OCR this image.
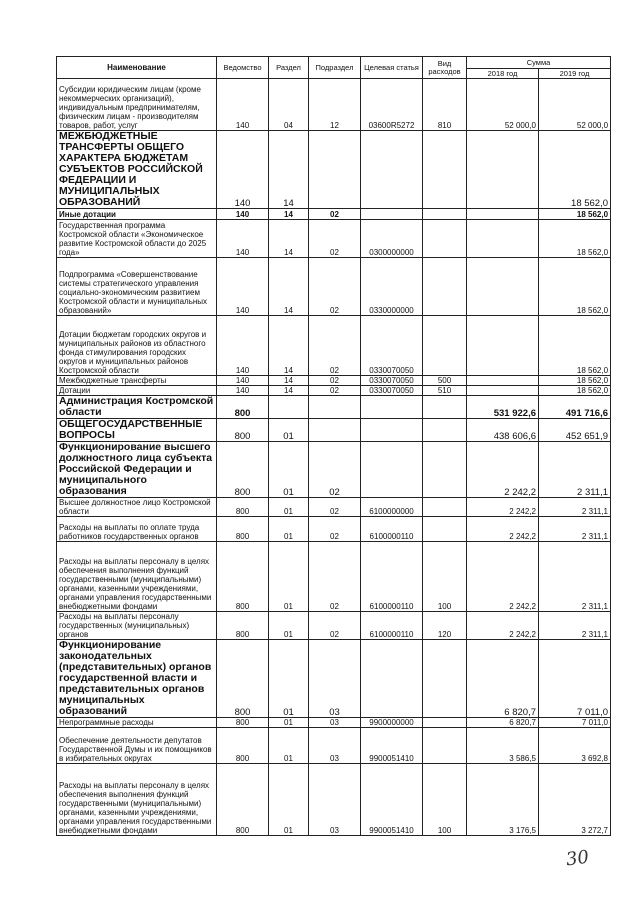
Наименование	Ведомство	Раздел	Подраздел	Целевая статья	Вид расходов	Сумма	
						2018 год	2019 год
Субсидии юридическим лицам (кроме некоммерческих организаций), индивидуальным предпринимателям, физическим лицам - производителям товаров, работ, услуг	140	04	12	03600R5272	810	52 000,0	52 000,0
МЕЖБЮДЖЕТНЫЕ ТРАНСФЕРТЫ ОБЩЕГО ХАРАКТЕРА БЮДЖЕТАМ СУБЪЕКТОВ РОССИЙСКОЙ ФЕДЕРАЦИИ И МУНИЦИПАЛЬНЫХ ОБРАЗОВАНИЙ	140	14					18 562,0
Иные дотации	140	14	02				18 562,0
Государственная программа Костромской области «Экономическое развитие Костромской области до 2025 года»	140	14	02	0300000000			18 562,0
Подпрограмма «Совершенствование системы стратегического управления социально-экономическим развитием Костромской области и муниципальных образований»	140	14	02	0330000000			18 562,0
Дотации бюджетам городских округов и муниципальных районов из областного фонда стимулирования городских округов и муниципальных районов Костромской области	140	14	02	0330070050			18 562,0
Межбюджетные трансферты	140	14	02	0330070050	500		18 562,0
Дотации	140	14	02	0330070050	510		18 562,0
Администрация Костромской области	800					531 922,6	491 716,6
ОБЩЕГОСУДАРСТВЕННЫЕ ВОПРОСЫ	800	01				438 606,6	452 651,9
Функционирование высшего должностного лица субъекта Российской Федерации и муниципального образования	800	01	02			2 242,2	2 311,1
Высшее должностное лицо Костромской области	800	01	02	6100000000		2 242,2	2 311,1
Расходы на выплаты по оплате труда работников государственных органов	800	01	02	6100000110		2 242,2	2 311,1
Расходы на выплаты персоналу в целях обеспечения выполнения функций государственными (муниципальными) органами, казенными учреждениями, органами управления государственными внебюджетными фондами	800	01	02	6100000110	100	2 242,2	2 311,1
Расходы на выплаты персоналу государственных (муниципальных) органов	800	01	02	6100000110	120	2 242,2	2 311,1
Функционирование законодательных (представительных) органов государственной власти и представительных органов муниципальных образований	800	01	03			6 820,7	7 011,0
Непрограммные расходы	800	01	03	9900000000		6 820,7	7 011,0
Обеспечение деятельности депутатов Государственной Думы и их помощников в избирательных округах	800	01	03	9900051410		3 586,5	3 692,8
Расходы на выплаты персоналу в целях обеспечения выполнения функций государственными (муниципальными) органами, казенными учреждениями, органами управления государственными внебюджетными фондами	800	01	03	9900051410	100	3 176,5	3 272,7
30
